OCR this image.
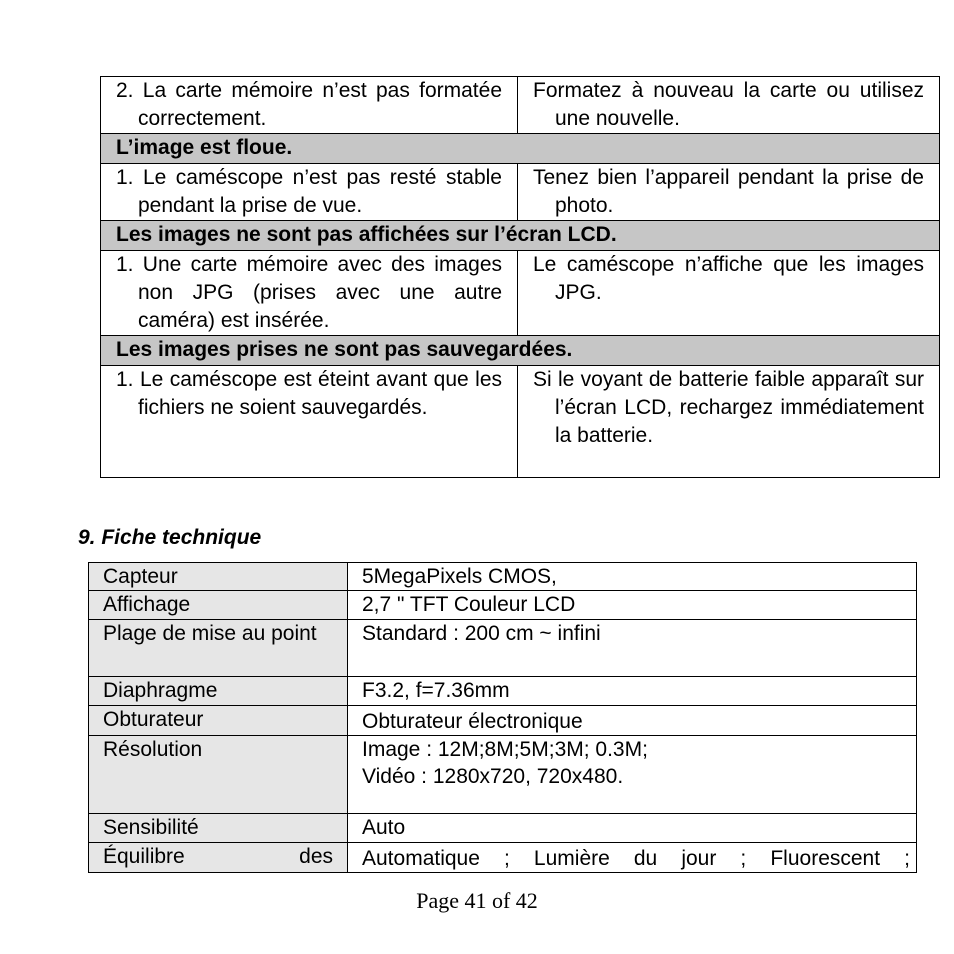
2. La carte mémoire n’est pas formatée correctement.	Formatez à nouveau la carte ou utilisez une nouvelle.

L’image est floue.	

1. Le caméscope n’est pas resté stable pendant la prise de vue.	Tenez bien l’appareil pendant la prise de photo.

Les images ne sont pas affichées sur l’écran LCD.	

1. Une carte mémoire avec des images non JPG (prises avec une autre caméra) est insérée.	Le caméscope n’affiche que les images JPG.

Les images prises ne sont pas sauvegardées.	

1. Le caméscope est éteint avant que les fichiers ne soient sauvegardés.	Si le voyant de batterie faible apparaît sur l’écran LCD, rechargez immédiatement la batterie.
9. Fiche technique
Capteur	5MegaPixels CMOS,
Affichage	2,7 " TFT Couleur LCD

Plage de mise au point	Standard : 200 cm ~ infini
Diaphragme	F3.2, f=7.36mm
Obturateur	Obturateur électronique

Résolution	Image : 12M;8M;5M;3M; 0.3M;
Vidéo : 1280x720, 720x480.

Sensibilité	Auto

Équilibre des	Automatique ; Lumière du jour ; Fluorescent ;
Page 41 of 42
